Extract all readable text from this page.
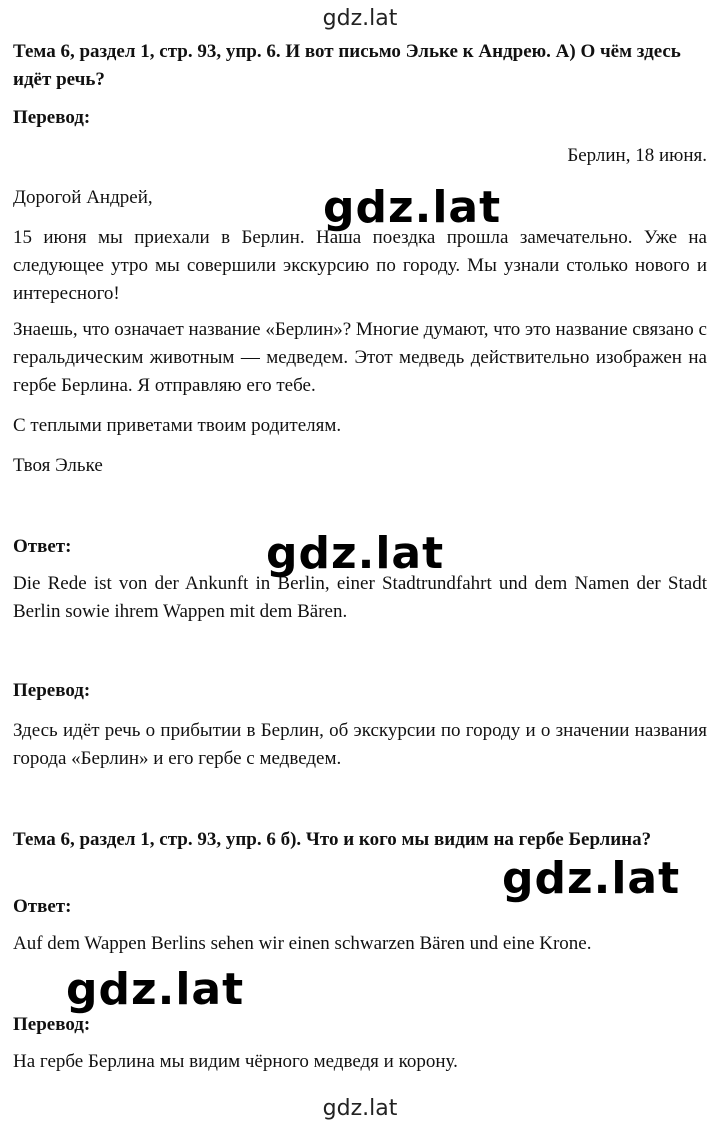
gdz.lat

Тема 6, раздел 1, стр. 93, упр. 6. И вот письмо Эльке к Андрею. А) О чём здесь идёт речь?

Перевод:

Берлин, 18 июня.

Дорогой Андрей,

15 июня мы приехали в Берлин. Наша поездка прошла замечательно. Уже на следующее утро мы совершили экскурсию по городу. Мы узнали столько нового и интересного!

Знаешь, что означает название «Берлин»? Многие думают, что это название связано с геральдическим животным — медведем. Этот медведь действительно изображен на гербе Берлина. Я отправляю его тебе.

С теплыми приветами твоим родителям.

Твоя Эльке

Ответ:

Die Rede ist von der Ankunft in Berlin, einer Stadtrundfahrt und dem Namen der Stadt Berlin sowie ihrem Wappen mit dem Bären.

Перевод:

Здесь идёт речь о прибытии в Берлин, об экскурсии по городу и о значении названия города «Берлин» и его гербе с медведем.

Тема 6, раздел 1, стр. 93, упр. 6 б). Что и кого мы видим на гербе Берлина?

Ответ:

Auf dem Wappen Berlins sehen wir einen schwarzen Bären und eine Krone.

Перевод:

На гербе Берлина мы видим чёрного медведя и корону.

gdz.lat
gdz.lat
gdz.lat
gdz.lat
gdz.lat
